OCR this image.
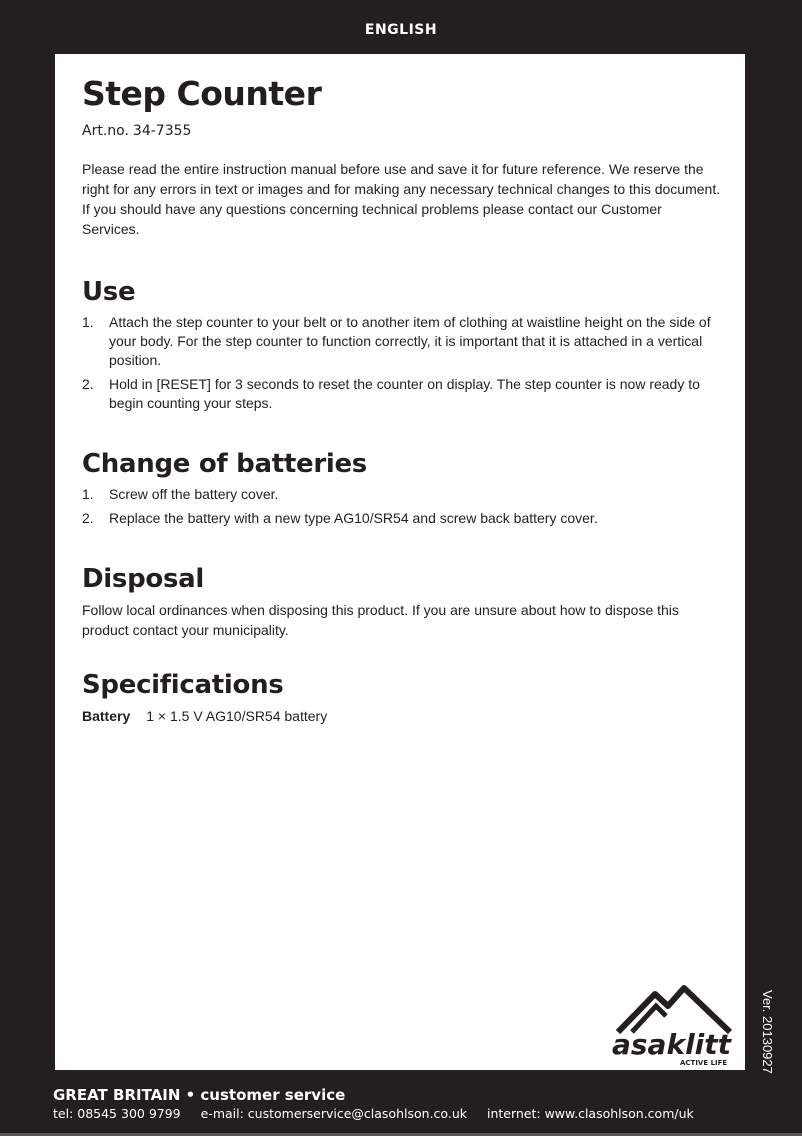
ENGLISH
Step Counter
Art.no. 34-7355

Please read the entire instruction manual before use and save it for future reference. We reserve the right for any errors in text or images and for making any necessary technical changes to this document. If you should have any questions concerning technical problems please contact our Customer Services.

Use
1. Attach the step counter to your belt or to another item of clothing at waistline height on the side of your body. For the step counter to function correctly, it is important that it is attached in a vertical position.
2. Hold in [RESET] for 3 seconds to reset the counter on display. The step counter is now ready to begin counting your steps.
Change of batteries
1. Screw off the battery cover.
2. Replace the battery with a new type AG10/SR54 and screw back battery cover.
Disposal

Follow local ordinances when disposing this product. If you are unsure about how to dispose this product contact your municipality.

Specifications
Battery 1 × 1.5 V AG10/SR54 battery
asaklitt
ACTIVE LIFE	Ver. 20130927
GREAT BRITAIN • customer service
tel: 08545 300 9799 e-mail: customerservice@clasohlson.co.uk internet: www.clasohlson.com/uk
